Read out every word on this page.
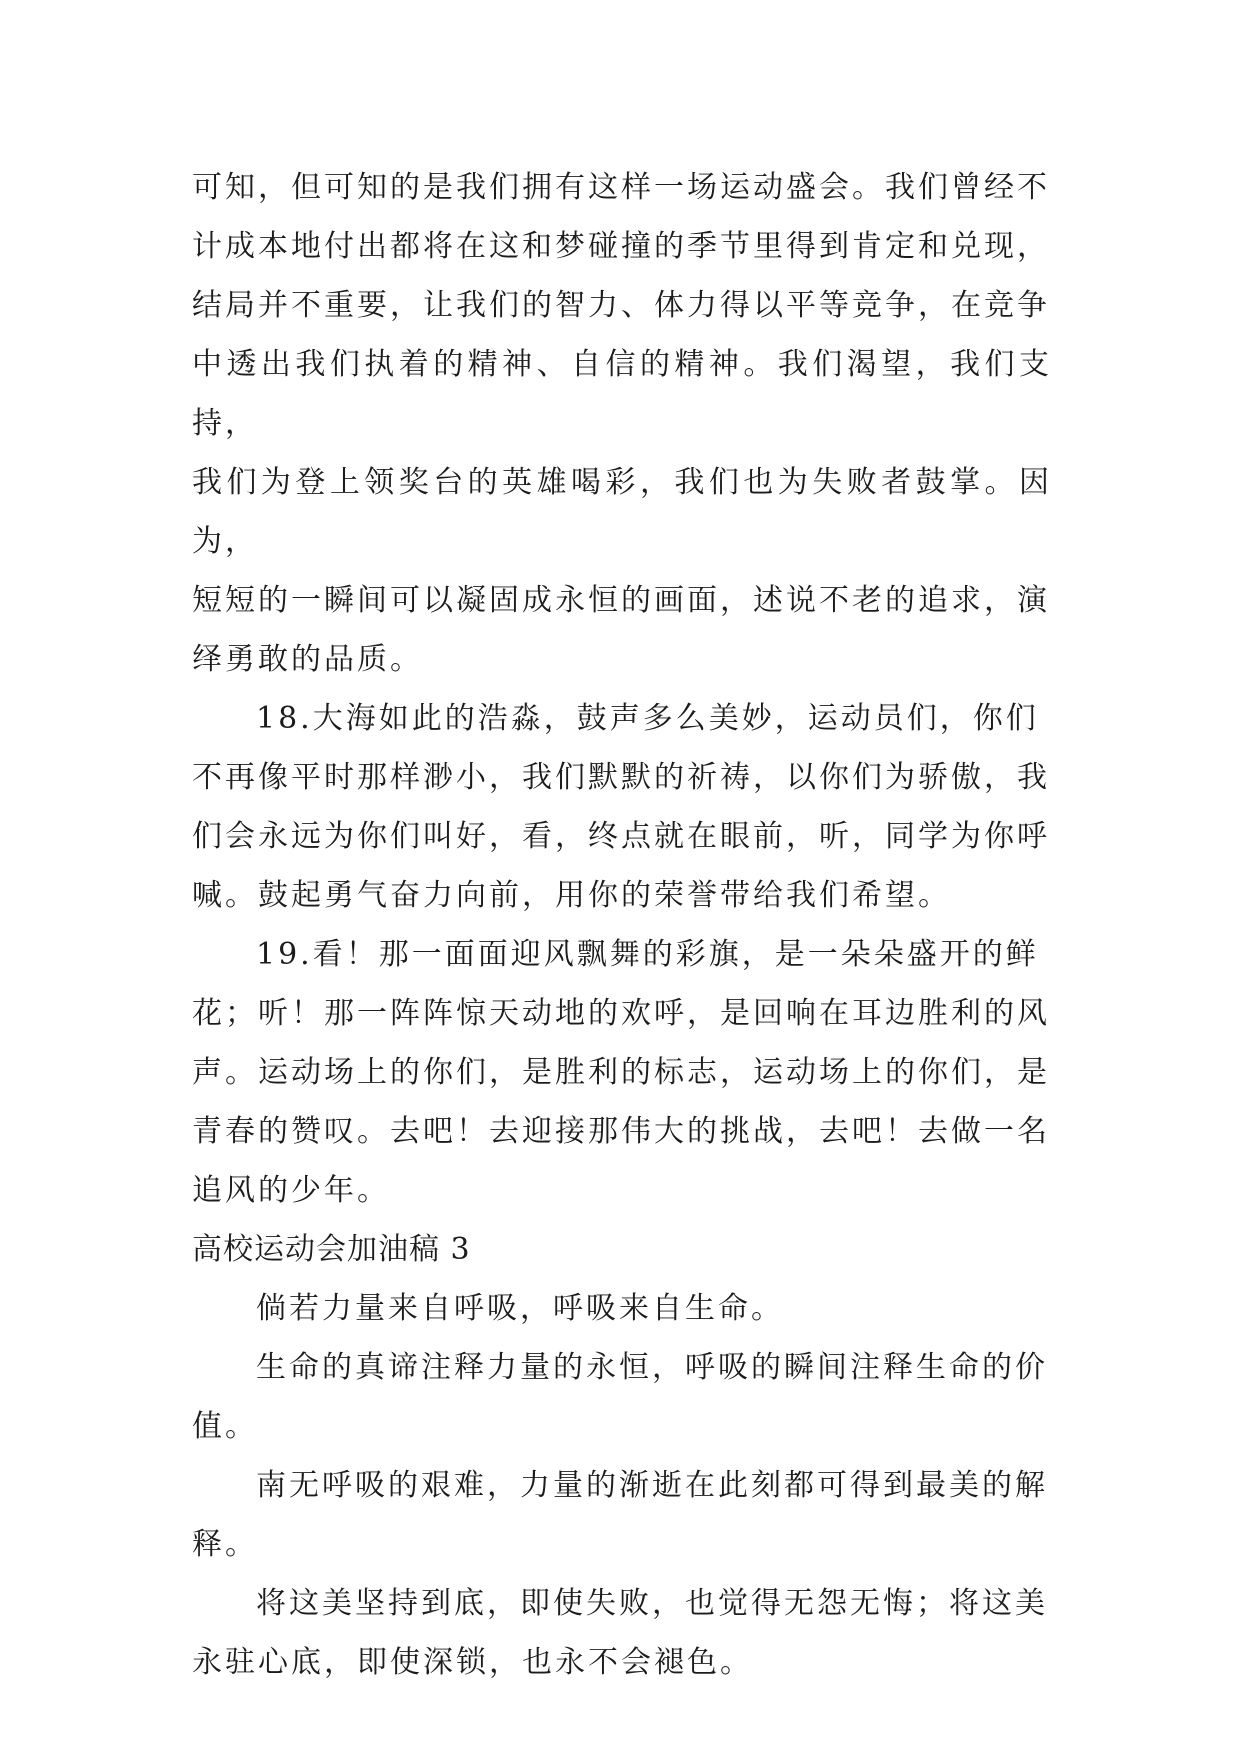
可知，但可知的是我们拥有这样一场运动盛会。我们曾经不
计成本地付出都将在这和梦碰撞的季节里得到肯定和兑现，
结局并不重要，让我们的智力、体力得以平等竞争，在竞争
中透出我们执着的精神、自信的精神。我们渴望，我们支持，
我们为登上领奖台的英雄喝彩，我们也为失败者鼓掌。因为，
短短的一瞬间可以凝固成永恒的画面，述说不老的追求，演
绎勇敢的品质。
18.大海如此的浩淼，鼓声多么美妙，运动员们，你们
不再像平时那样渺小，我们默默的祈祷，以你们为骄傲，我
们会永远为你们叫好，看，终点就在眼前，听，同学为你呼
喊。鼓起勇气奋力向前，用你的荣誉带给我们希望。
19.看！那一面面迎风飘舞的彩旗，是一朵朵盛开的鲜
花；听！那一阵阵惊天动地的欢呼，是回响在耳边胜利的风
声。运动场上的你们，是胜利的标志，运动场上的你们，是
青春的赞叹。去吧！去迎接那伟大的挑战，去吧！去做一名
追风的少年。
高校运动会加油稿 3
倘若力量来自呼吸，呼吸来自生命。
生命的真谛注释力量的永恒，呼吸的瞬间注释生命的价
值。
南无呼吸的艰难，力量的渐逝在此刻都可得到最美的解
释。
将这美坚持到底，即使失败，也觉得无怨无悔；将这美
永驻心底，即使深锁，也永不会褪色。
